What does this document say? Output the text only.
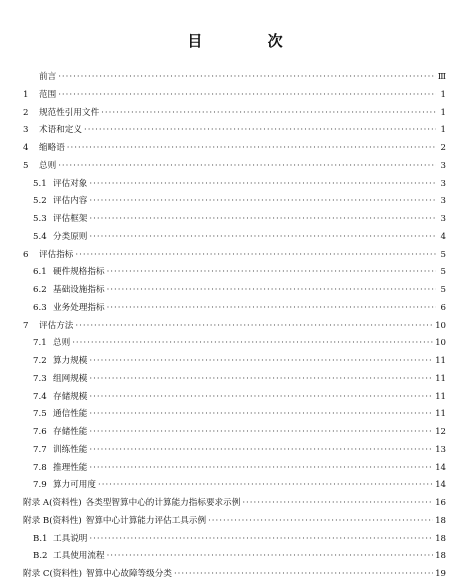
目 次
前言 ·····	Ⅲ
1	范围 ·····	1
2	规范性引用文件 ·····	1
3	术语和定义 ·····	1
4	缩略语 ·····	2
5	总则 ·····	3
5.1 评估对象 ·····	3
5.2 评估内容 ·····	3
5.3 评估框架 ·····	3
5.4 分类原则 ·····	4
6	评估指标 ·····	5
6.1 硬件规格指标 ·····	5
6.2 基础设施指标 ·····	5
6.3 业务处理指标 ·····	6
7	评估方法 ·····	10
7.1 总则 ·····	10
7.2 算力规模 ·····	11
7.3 组网规模 ·····	11
7.4 存储规模 ·····	11
7.5 通信性能 ·····	11
7.6 存储性能 ·····	12
7.7 训练性能 ·····	13
7.8 推理性能 ·····	14
7.9 算力可用度 ·····	14
附录 A(资料性) 各类型智算中心的计算能力指标要求示例 ·····	16
附录 B(资料性) 智算中心计算能力评估工具示例 ·····	18
B.1 工具说明 ·····	18
B.2 工具使用流程 ·····	18
附录 C(资料性) 智算中心故障等级分类 ·····	19
